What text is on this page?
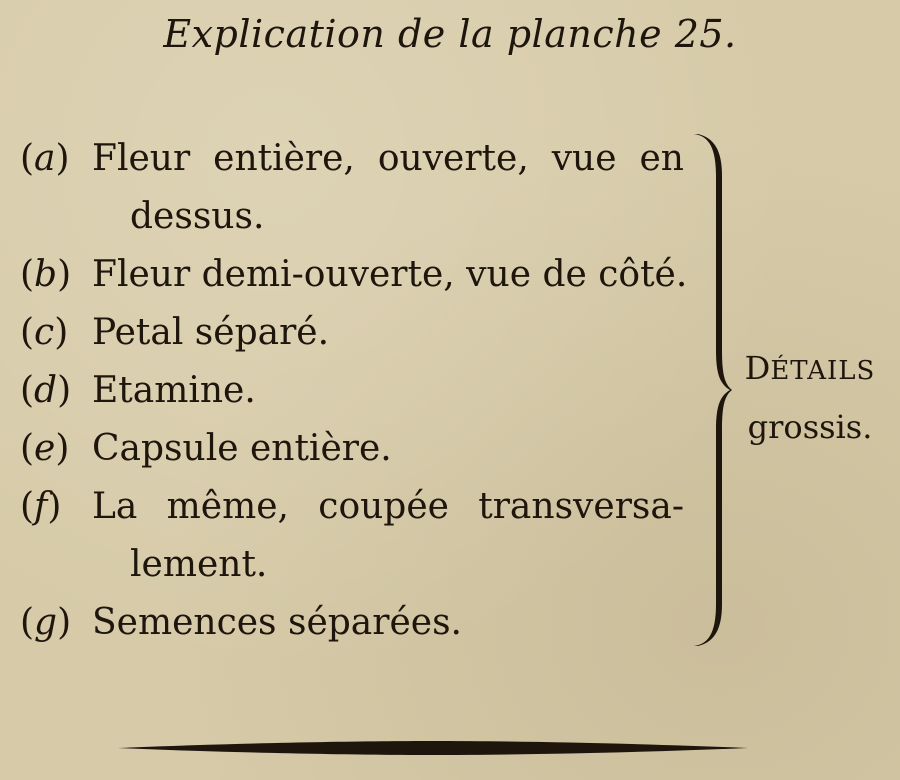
Explication de la planche 25.
(a) Fleur entière, ouverte, vue en
dessus.
(b) Fleur demi-ouverte, vue de côté.
(c) Petal séparé.
(d) Etamine.
(e) Capsule entière.
(f) La même, coupée transversa-
lement.
(g) Semences séparées.
DÉTAILS
grossis.
